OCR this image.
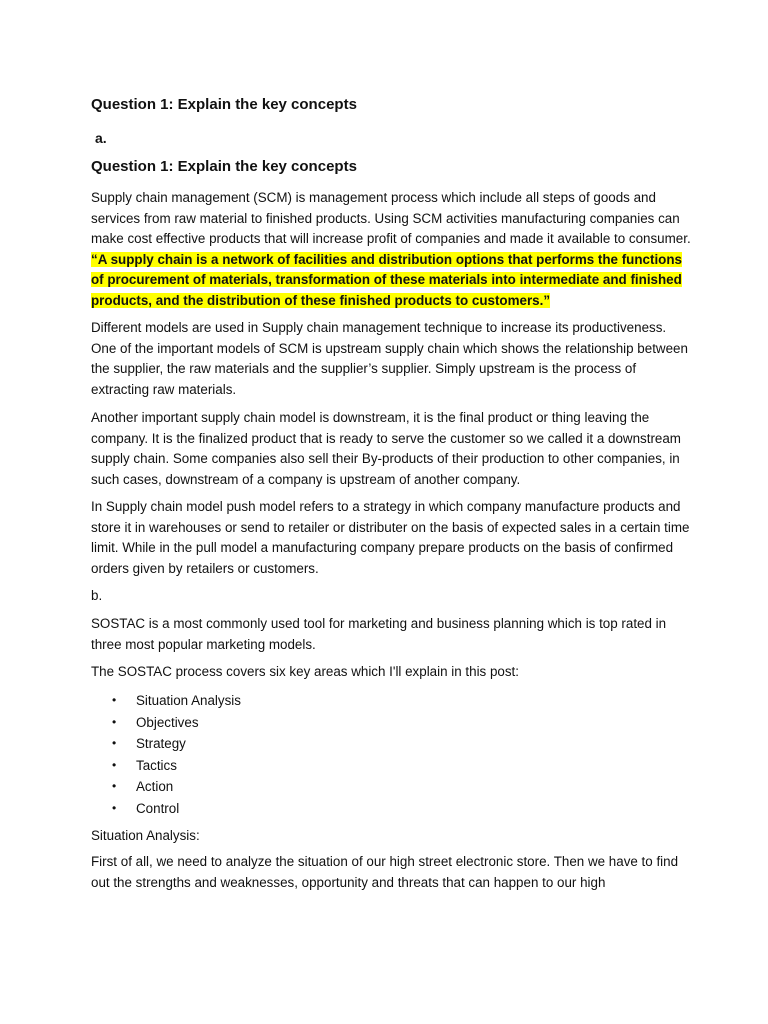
Question 1: Explain the key concepts
a.
Question 1: Explain the key concepts

Supply chain management (SCM) is management process which include all steps of goods and services from raw material to finished products. Using SCM activities manufacturing companies can make cost effective products that will increase profit of companies and made it available to consumer. “A supply chain is a network of facilities and distribution options that performs the functions of procurement of materials, transformation of these materials into intermediate and finished products, and the distribution of these finished products to customers.”

Different models are used in Supply chain management technique to increase its productiveness. One of the important models of SCM is upstream supply chain which shows the relationship between the supplier, the raw materials and the supplier’s supplier. Simply upstream is the process of extracting raw materials.

Another important supply chain model is downstream, it is the final product or thing leaving the company. It is the finalized product that is ready to serve the customer so we called it a downstream supply chain. Some companies also sell their By-products of their production to other companies, in such cases, downstream of a company is upstream of another company.

In Supply chain model push model refers to a strategy in which company manufacture products and store it in warehouses or send to retailer or distributer on the basis of expected sales in a certain time limit. While in the pull model a manufacturing company prepare products on the basis of confirmed orders given by retailers or customers.

b.

SOSTAC is a most commonly used tool for marketing and business planning which is top rated in three most popular marketing models.

The SOSTAC process covers six key areas which I'll explain in this post:

• Situation Analysis
• Objectives
• Strategy
• Tactics
• Action
• Control

Situation Analysis:

First of all, we need to analyze the situation of our high street electronic store. Then we have to find out the strengths and weaknesses, opportunity and threats that can happen to our high
